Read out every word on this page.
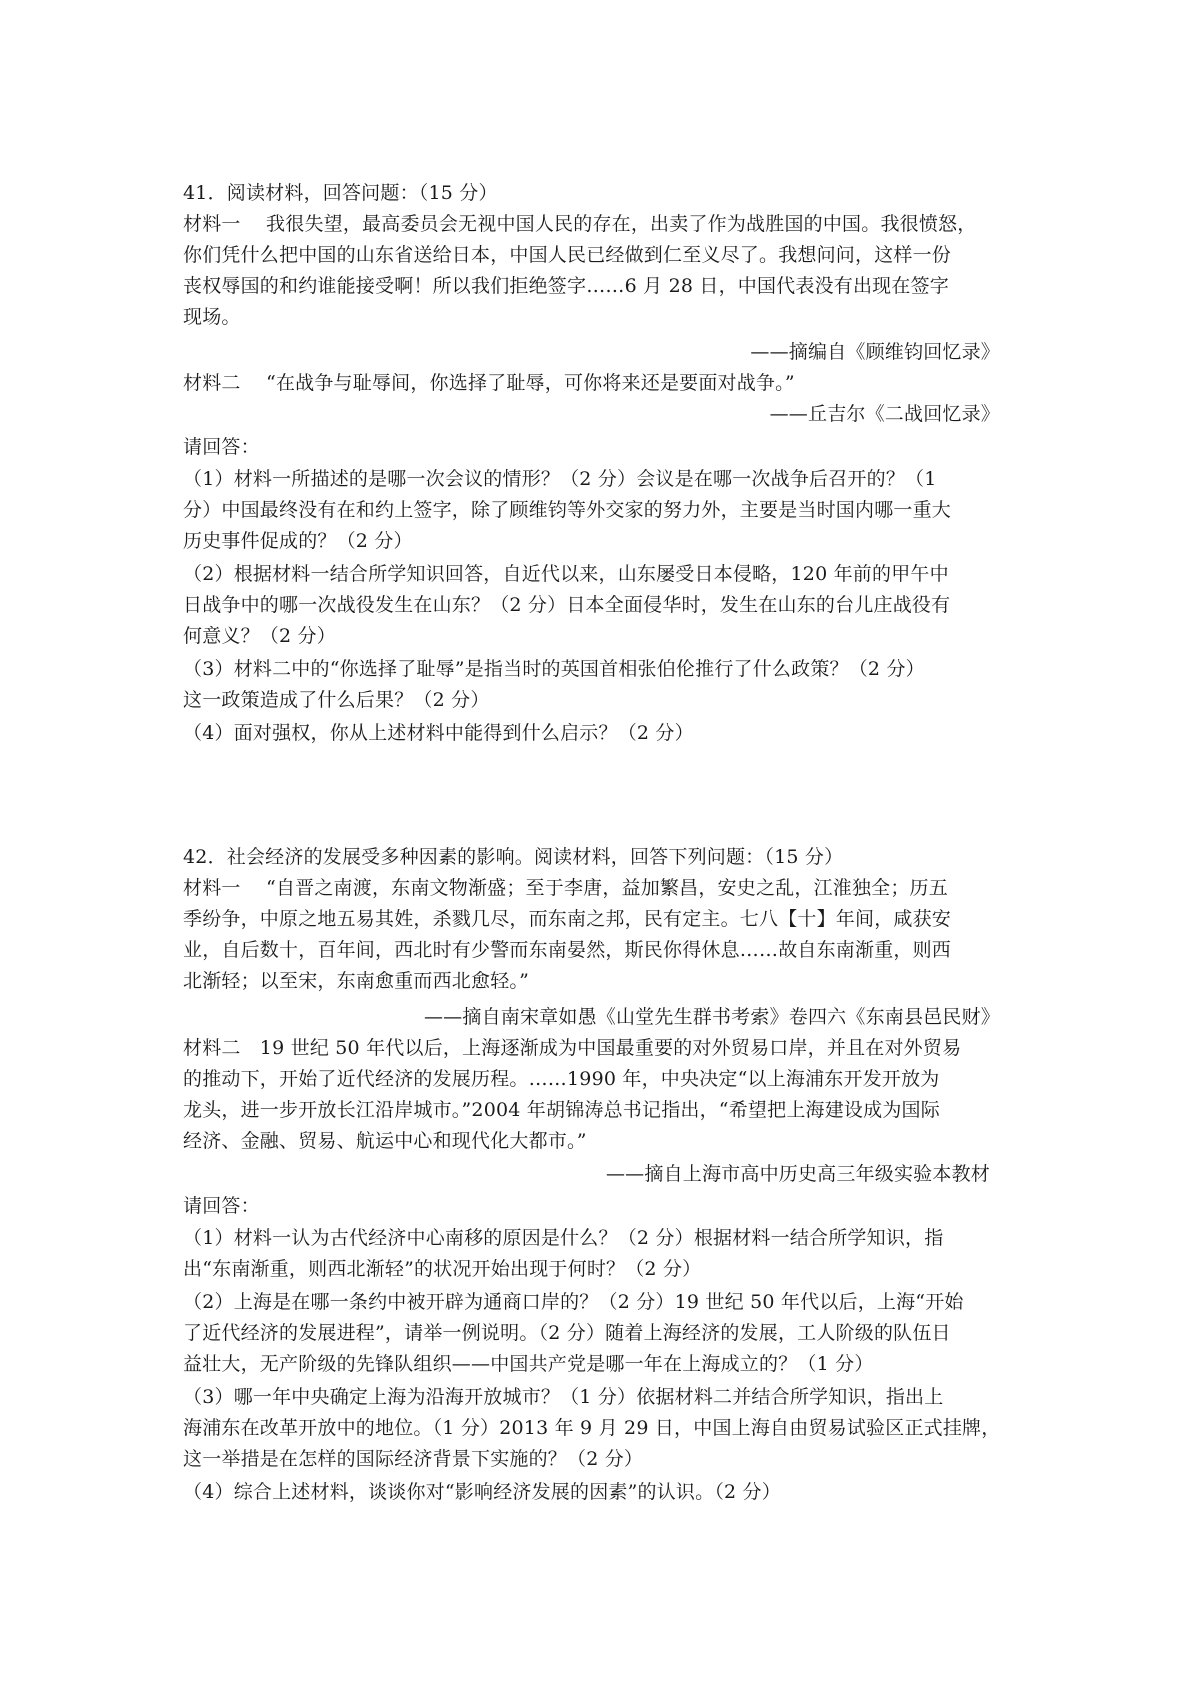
41．阅读材料，回答问题：（15 分）
材料一　 我很失望，最高委员会无视中国人民的存在，出卖了作为战胜国的中国。我很愤怒，
你们凭什么把中国的山东省送给日本，中国人民已经做到仁至义尽了。我想问问，这样一份
丧权辱国的和约谁能接受啊！所以我们拒绝签字……6 月 28 日，中国代表没有出现在签字
现场。
——摘编自《顾维钧回忆录》
材料二　 “在战争与耻辱间，你选择了耻辱，可你将来还是要面对战争。”
——丘吉尔《二战回忆录》
请回答：
（1）材料一所描述的是哪一次会议的情形？（2 分）会议是在哪一次战争后召开的？（1
分）中国最终没有在和约上签字，除了顾维钧等外交家的努力外，主要是当时国内哪一重大
历史事件促成的？（2 分）
（2）根据材料一结合所学知识回答，自近代以来，山东屡受日本侵略，120 年前的甲午中
日战争中的哪一次战役发生在山东？（2 分）日本全面侵华时，发生在山东的台儿庄战役有
何意义？（2 分）
（3）材料二中的“你选择了耻辱”是指当时的英国首相张伯伦推行了什么政策？（2 分）
这一政策造成了什么后果？（2 分）
（4）面对强权，你从上述材料中能得到什么启示？（2 分）
42．社会经济的发展受多种因素的影响。阅读材料，回答下列问题：（15 分）
材料一　 “自晋之南渡，东南文物渐盛；至于李唐，益加繁昌，安史之乱，江淮独全；历五
季纷争，中原之地五易其姓，杀戮几尽，而东南之邦，民有定主。七八【十】年间，咸获安
业，自后数十，百年间，西北时有少警而东南晏然，斯民你得休息……故自东南渐重，则西
北渐轻；以至宋，东南愈重而西北愈轻。”
——摘自南宋章如愚《山堂先生群书考索》卷四六《东南县邑民财》
材料二　19 世纪 50 年代以后，上海逐渐成为中国最重要的对外贸易口岸，并且在对外贸易
的推动下，开始了近代经济的发展历程。……1990 年，中央决定“以上海浦东开发开放为
龙头，进一步开放长江沿岸城市。”2004 年胡锦涛总书记指出，“希望把上海建设成为国际
经济、金融、贸易、航运中心和现代化大都市。”
——摘自上海市高中历史高三年级实验本教材
请回答：
（1）材料一认为古代经济中心南移的原因是什么？（2 分）根据材料一结合所学知识，指
出“东南渐重，则西北渐轻”的状况开始出现于何时？（2 分）
（2）上海是在哪一条约中被开辟为通商口岸的？（2 分）19 世纪 50 年代以后，上海“开始
了近代经济的发展进程”，请举一例说明。（2 分）随着上海经济的发展，工人阶级的队伍日
益壮大，无产阶级的先锋队组织——中国共产党是哪一年在上海成立的？（1 分）
（3）哪一年中央确定上海为沿海开放城市？（1 分）依据材料二并结合所学知识，指出上
海浦东在改革开放中的地位。（1 分）2013 年 9 月 29 日，中国上海自由贸易试验区正式挂牌，
这一举措是在怎样的国际经济背景下实施的？（2 分）
（4）综合上述材料，谈谈你对“影响经济发展的因素”的认识。（2 分）
